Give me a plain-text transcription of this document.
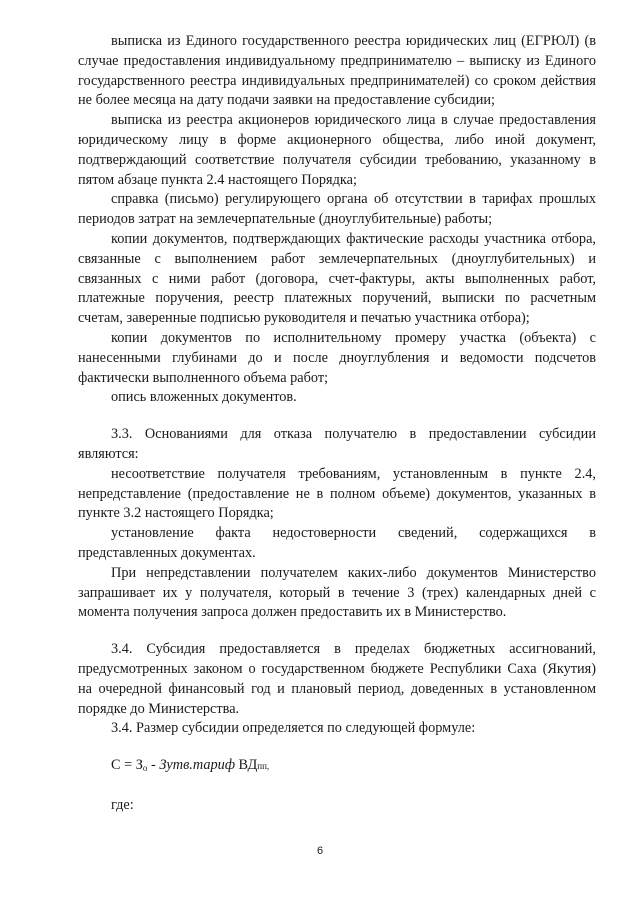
выписка из Единого государственного реестра юридических лиц (ЕГРЮЛ) (в случае предоставления индивидуальному предпринимателю – выписку из Единого государственного реестра индивидуальных предпринимателей) со сроком действия не более месяца на дату подачи заявки на предоставление субсидии;

выписка из реестра акционеров юридического лица в случае предоставления юридическому лицу в форме акционерного общества, либо иной документ, подтверждающий соответствие получателя субсидии требованию, указанному в пятом абзаце пункта 2.4 настоящего Порядка;

справка (письмо) регулирующего органа об отсутствии в тарифах прошлых периодов затрат на землечерпательные (дноуглубительные) работы;

копии документов, подтверждающих фактические расходы участника отбора, связанные с выполнением работ землечерпательных (дноуглубительных) и связанных с ними работ (договора, счет-фактуры, акты выполненных работ, платежные поручения, реестр платежных поручений, выписки по расчетным счетам, заверенные подписью руководителя и печатью участника отбора);

копии документов по исполнительному промеру участка (объекта) с нанесенными глубинами до и после дноуглубления и ведомости подсчетов фактически выполненного объема работ;

опись вложенных документов.

3.3. Основаниями для отказа получателю в предоставлении субсидии являются:

несоответствие получателя требованиям, установленным в пункте 2.4, непредставление (предоставление не в полном объеме) документов, указанных в пункте 3.2 настоящего Порядка;

установление факта недостоверности сведений, содержащихся в представленных документах.

При непредставлении получателем каких-либо документов Министерство запрашивает их у получателя, который в течение 3 (трех) календарных дней с момента получения запроса должен предоставить их в Министерство.

3.4. Субсидия предоставляется в пределах бюджетных ассигнований, предусмотренных законом о государственном бюджете Республики Саха (Якутия) на очередной финансовый год и плановый период, доведенных в установленном порядке до Министерства.

3.4. Размер субсидии определяется по следующей формуле:

$С = З_о$ - Зутв.тариф ВДпп,

где:

6
